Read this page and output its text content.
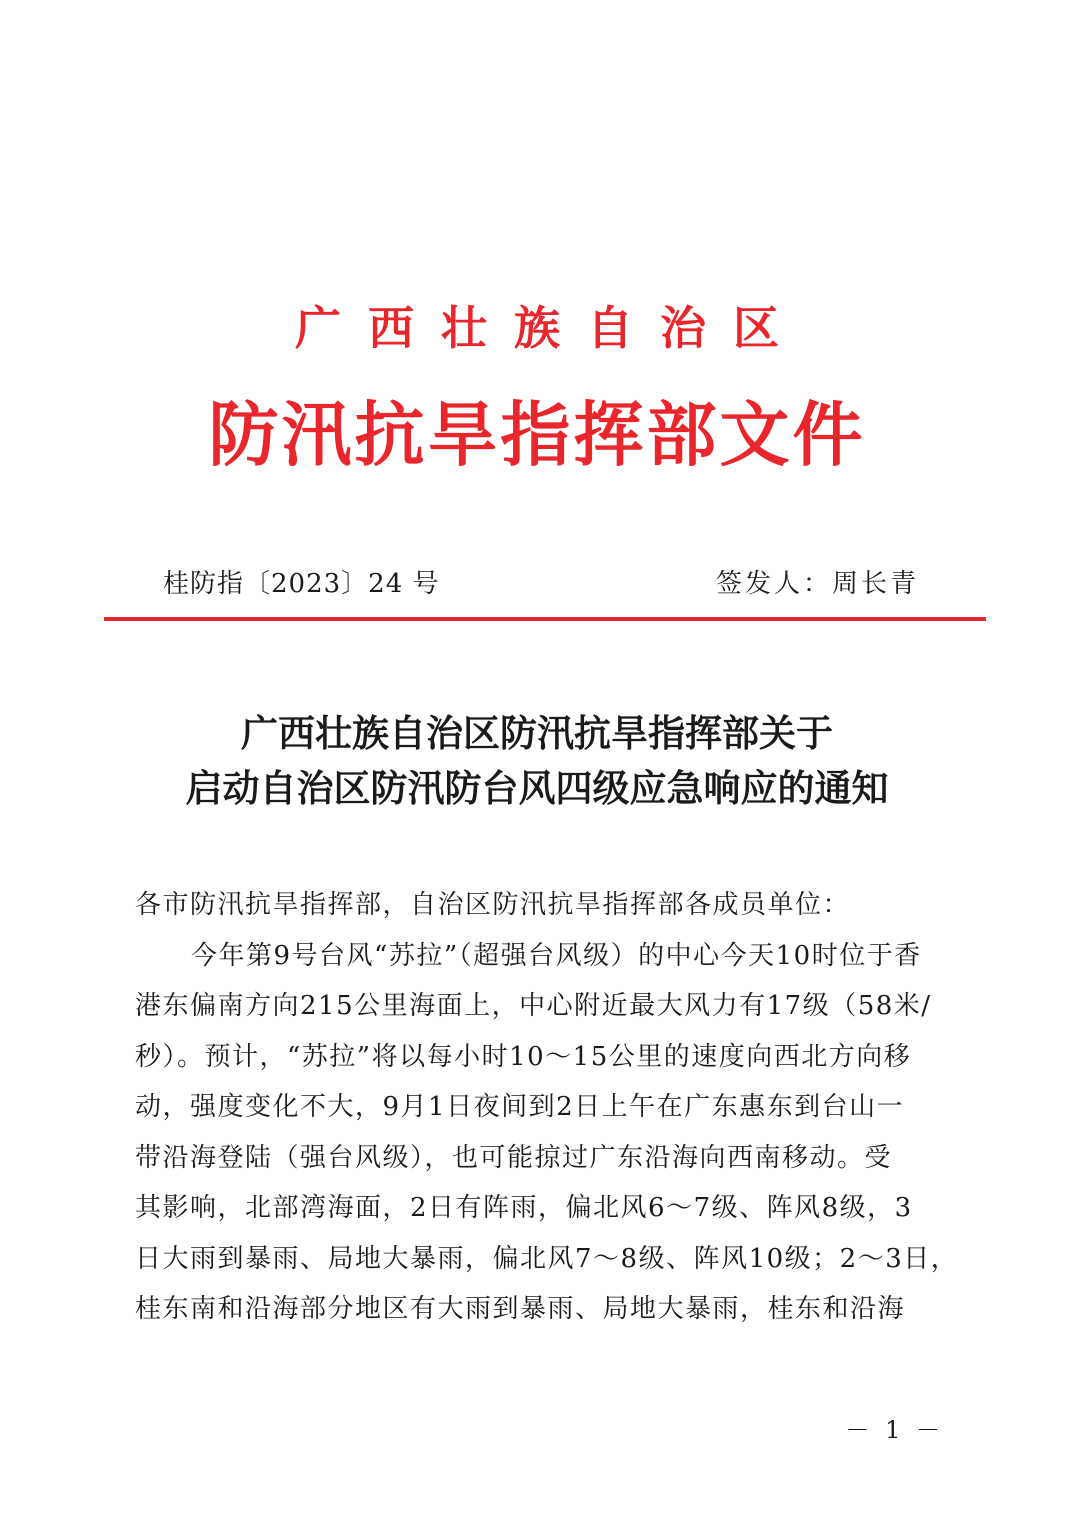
广西壮族自治区
防汛抗旱指挥部文件
桂防指〔2023〕24 号	签发人：周长青
广西壮族自治区防汛抗旱指挥部关于
启动自治区防汛防台风四级应急响应的通知
各市防汛抗旱指挥部，自治区防汛抗旱指挥部各成员单位：
今年第9号台风“苏拉”（超强台风级）的中心今天10时位于香
港东偏南方向215公里海面上，中心附近最大风力有17级（58米/
秒）。预计，“苏拉”将以每小时10～15公里的速度向西北方向移
动，强度变化不大，9月1日夜间到2日上午在广东惠东到台山一
带沿海登陆（强台风级），也可能掠过广东沿海向西南移动。受
其影响，北部湾海面，2日有阵雨，偏北风6～7级、阵风8级，3
日大雨到暴雨、局地大暴雨，偏北风7～8级、阵风10级；2～3日，
桂东南和沿海部分地区有大雨到暴雨、局地大暴雨，桂东和沿海
－ 1 －
